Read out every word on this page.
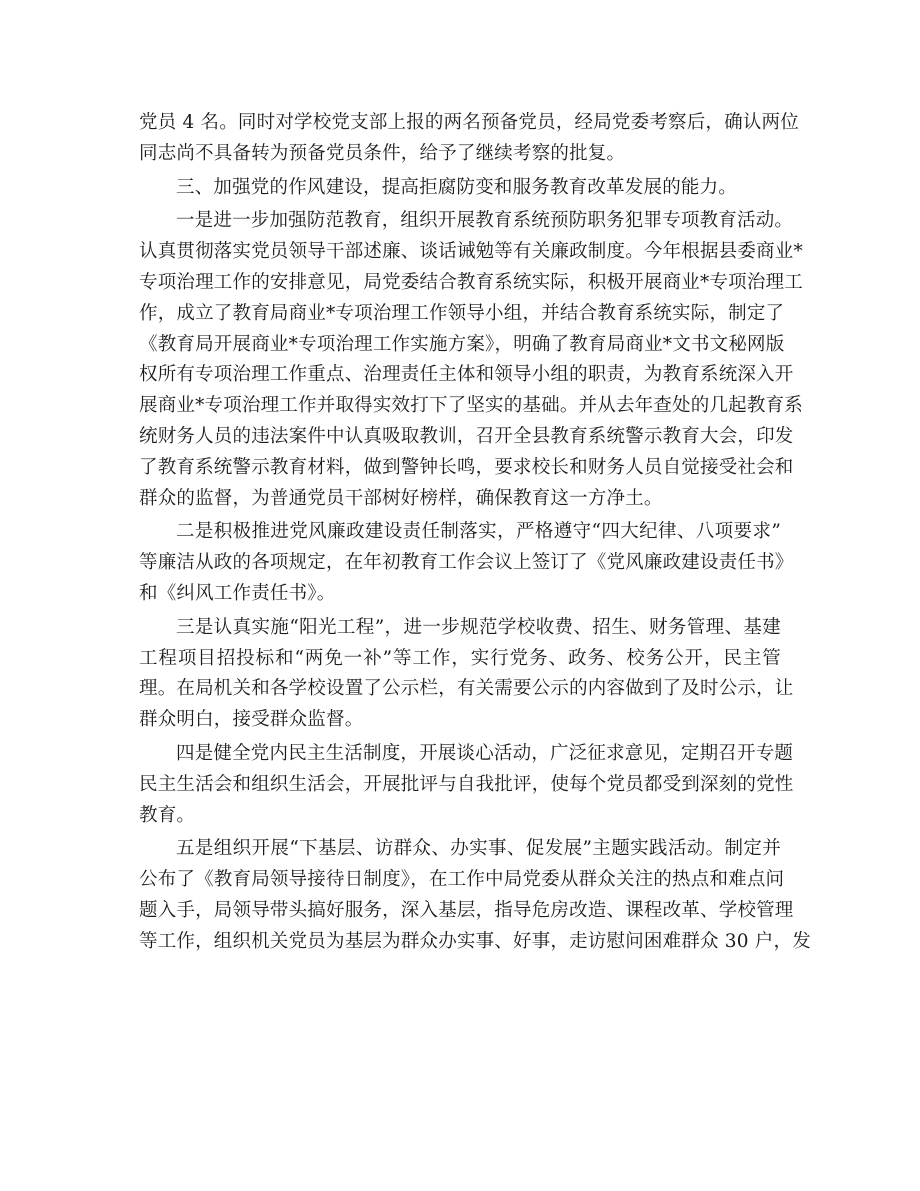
党员 4 名。同时对学校党支部上报的两名预备党员，经局党委考察后，确认两位
同志尚不具备转为预备党员条件，给予了继续考察的批复。

三、加强党的作风建设，提高拒腐防变和服务教育改革发展的能力。

一是进一步加强防范教育，组织开展教育系统预防职务犯罪专项教育活动。
认真贯彻落实党员领导干部述廉、谈话诫勉等有关廉政制度。今年根据县委商业*
专项治理工作的安排意见，局党委结合教育系统实际，积极开展商业*专项治理工
作，成立了教育局商业*专项治理工作领导小组，并结合教育系统实际，制定了
《教育局开展商业*专项治理工作实施方案》，明确了教育局商业*文书文秘网版
权所有专项治理工作重点、治理责任主体和领导小组的职责，为教育系统深入开
展商业*专项治理工作并取得实效打下了坚实的基础。并从去年查处的几起教育系
统财务人员的违法案件中认真吸取教训，召开全县教育系统警示教育大会，印发
了教育系统警示教育材料，做到警钟长鸣，要求校长和财务人员自觉接受社会和
群众的监督，为普通党员干部树好榜样，确保教育这一方净土。

二是积极推进党风廉政建设责任制落实，严格遵守“四大纪律、八项要求”
等廉洁从政的各项规定，在年初教育工作会议上签订了《党风廉政建设责任书》
和《纠风工作责任书》。

三是认真实施“阳光工程”，进一步规范学校收费、招生、财务管理、基建
工程项目招投标和“两免一补”等工作，实行党务、政务、校务公开，民主管
理。在局机关和各学校设置了公示栏，有关需要公示的内容做到了及时公示，让
群众明白，接受群众监督。

四是健全党内民主生活制度，开展谈心活动，广泛征求意见，定期召开专题
民主生活会和组织生活会，开展批评与自我批评，使每个党员都受到深刻的党性
教育。

五是组织开展“下基层、访群众、办实事、促发展”主题实践活动。制定并
公布了《教育局领导接待日制度》，在工作中局党委从群众关注的热点和难点问
题入手，局领导带头搞好服务，深入基层，指导危房改造、课程改革、学校管理
等工作，组织机关党员为基层为群众办实事、好事，走访慰问困难群众 30 户，发
